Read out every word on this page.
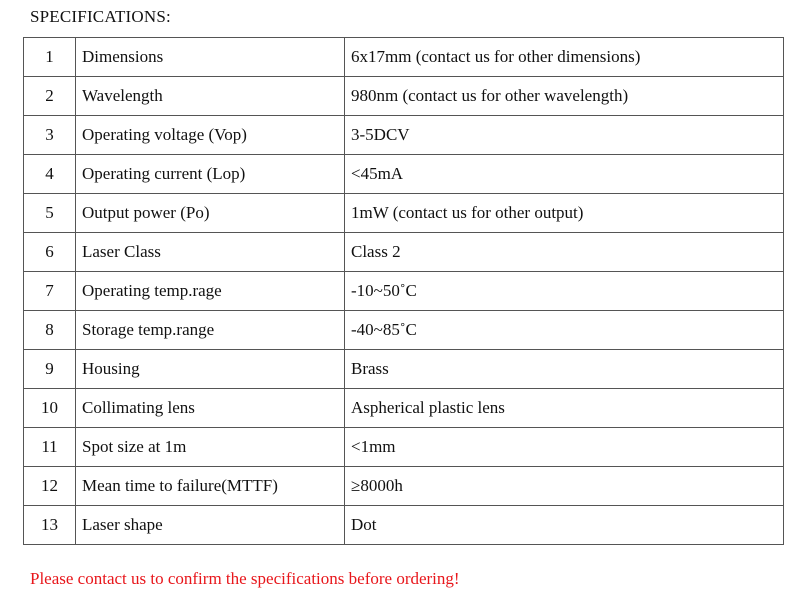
SPECIFICATIONS:
1	Dimensions	6x17mm (contact us for other dimensions)
2	Wavelength	980nm (contact us for other wavelength)
3	Operating voltage (Vop)	3-5DCV
4	Operating current (Lop)	<45mA
5	Output power (Po)	1mW (contact us for other output)
6	Laser Class	Class 2
7	Operating temp.rage	-10~50˚C
8	Storage temp.range	-40~85˚C
9	Housing	Brass
10	Collimating lens	Aspherical plastic lens
11	Spot size at 1m	<1mm
12	Mean time to failure(MTTF)	≥8000h
13	Laser shape	Dot

Please contact us to confirm the specifications before ordering!
